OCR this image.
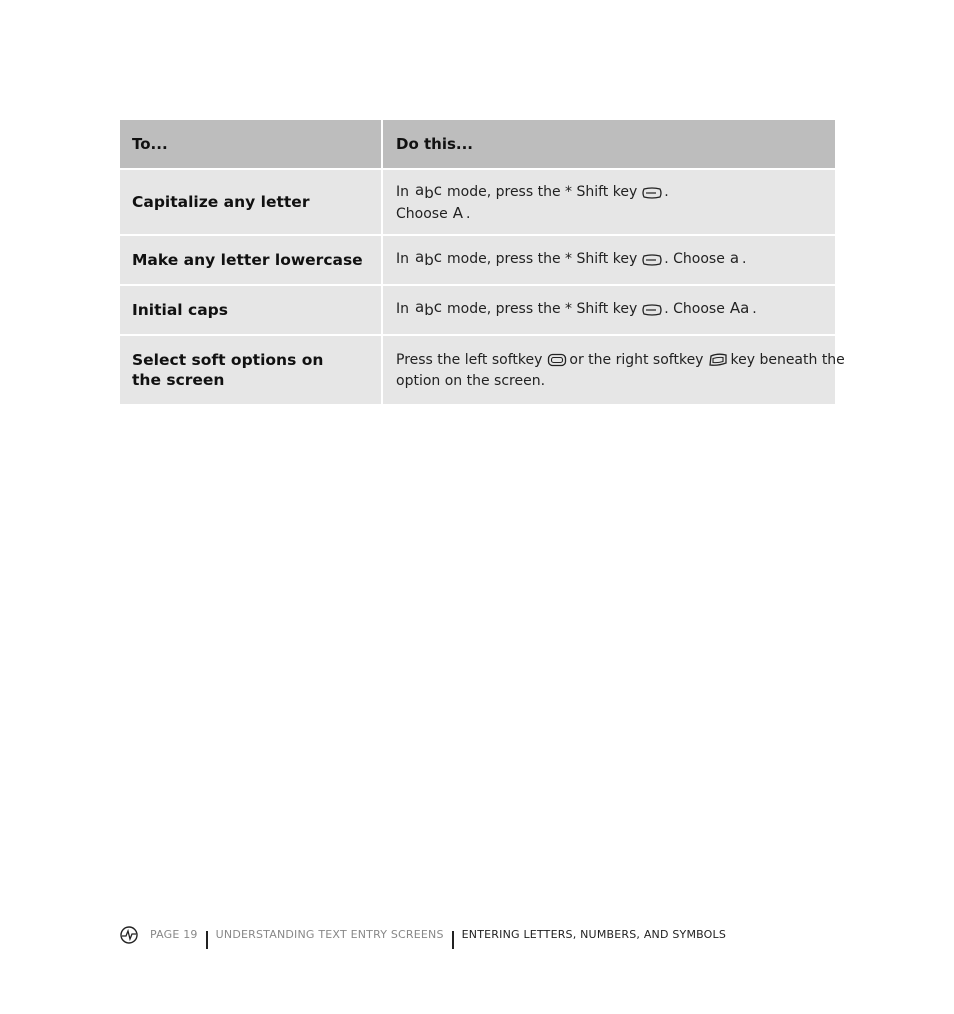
To...	Do this...
Capitalize any letter
In abc mode, press the * Shift key .
Choose A .
Make any letter lowercase In abc mode, press the * Shift key . Choose a .
Initial caps	In abc mode, press the * Shift key . Choose Aa .
Select soft options on
the screen
Press the left softkey or the right softkey key beneath the
option on the screen.
PAGE 19 UNDERSTANDING TEXT ENTRY SCREENS ENTERING LETTERS, NUMBERS, AND SYMBOLS
